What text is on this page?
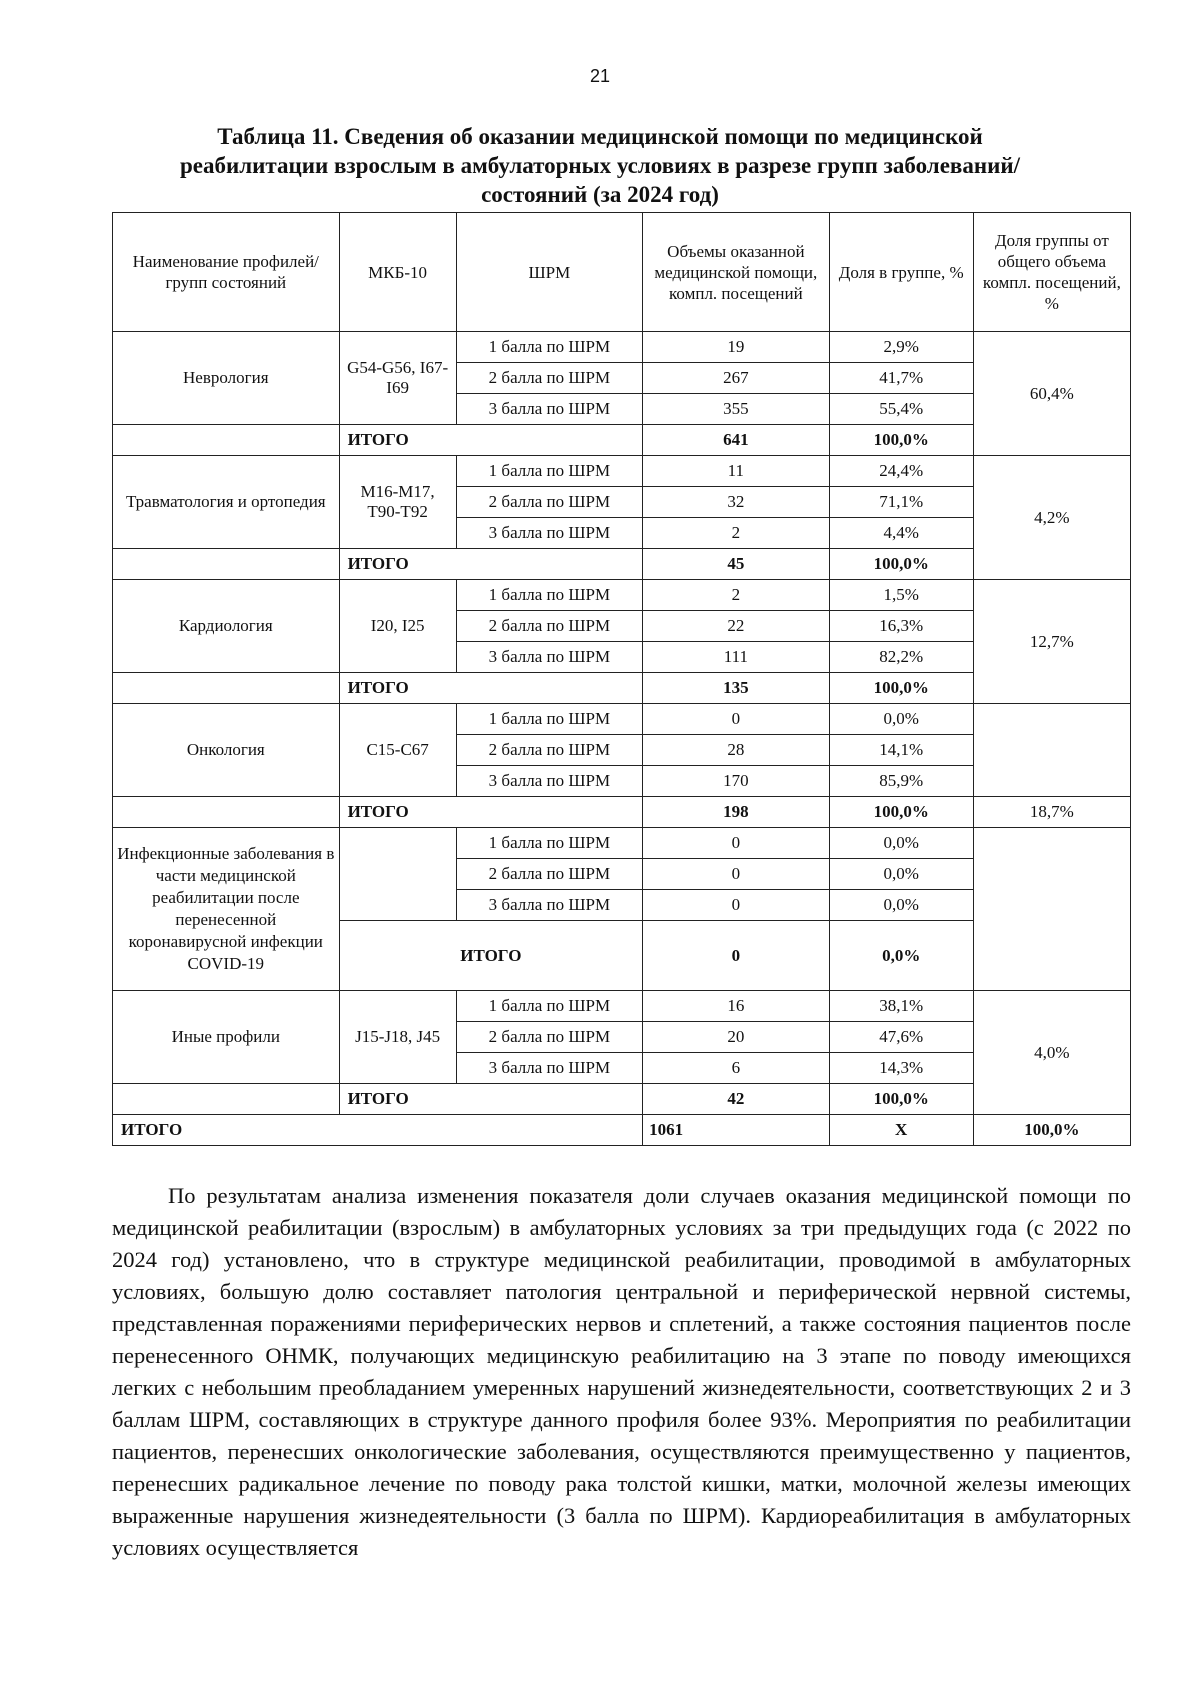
21
Таблица 11. Сведения об оказании медицинской помощи по медицинской реабилитации взрослым в амбулаторных условиях в разрезе групп заболеваний/состояний (за 2024 год)
Наименование профилей/групп состояний	МКБ-10	ШРМ	Объемы оказанной медицинской помощи, компл. посещений	Доля в группе, %	Доля группы от общего объема компл. посещений, %
Неврология	G54-G56, I67-I69	1 балла по ШРМ	19	2,9%	60,4%
		2 балла по ШРМ	267	41,7%	
		3 балла по ШРМ	355	55,4%	
	ИТОГО		641	100,0%	
Травматология и ортопедия	M16-M17, T90-T92	1 балла по ШРМ	11	24,4%	4,2%
		2 балла по ШРМ	32	71,1%	
		3 балла по ШРМ	2	4,4%	
	ИТОГО		45	100,0%	
Кардиология	I20, I25	1 балла по ШРМ	2	1,5%	12,7%
		2 балла по ШРМ	22	16,3%	
		3 балла по ШРМ	111	82,2%	
	ИТОГО		135	100,0%	
Онкология	C15-C67	1 балла по ШРМ	0	0,0%	
		2 балла по ШРМ	28	14,1%	
		3 балла по ШРМ	170	85,9%	
	ИТОГО		198	100,0%	18,7%
Инфекционные заболевания в части медицинской реабилитации после перенесенной коронавирусной инфекции COVID-19		1 балла по ШРМ	0	0,0%	
		2 балла по ШРМ	0	0,0%	
		3 балла по ШРМ	0	0,0%	
	ИТОГО		0	0,0%	
Иные профили	J15-J18, J45	1 балла по ШРМ	16	38,1%	4,0%
		2 балла по ШРМ	20	47,6%	
		3 балла по ШРМ	6	14,3%	
	ИТОГО		42	100,0%	
ИТОГО			1061	Х	100,0%

По результатам анализа изменения показателя доли случаев оказания медицинской помощи по медицинской реабилитации (взрослым) в амбулаторных условиях за три предыдущих года (с 2022 по 2024 год) установлено, что в структуре медицинской реабилитации, проводимой в амбулаторных условиях, большую долю составляет патология центральной и периферической нервной системы, представленная поражениями периферических нервов и сплетений, а также состояния пациентов после перенесенного ОНМК, получающих медицинскую реабилитацию на 3 этапе по поводу имеющихся легких с небольшим преобладанием умеренных нарушений жизнедеятельности, соответствующих 2 и 3 баллам ШРМ, составляющих в структуре данного профиля более 93%. Мероприятия по реабилитации пациентов, перенесших онкологические заболевания, осуществляются преимущественно у пациентов, перенесших радикальное лечение по поводу рака толстой кишки, матки, молочной железы имеющих выраженные нарушения жизнедеятельности (3 балла по ШРМ). Кардиореабилитация в амбулаторных условиях осуществляется
